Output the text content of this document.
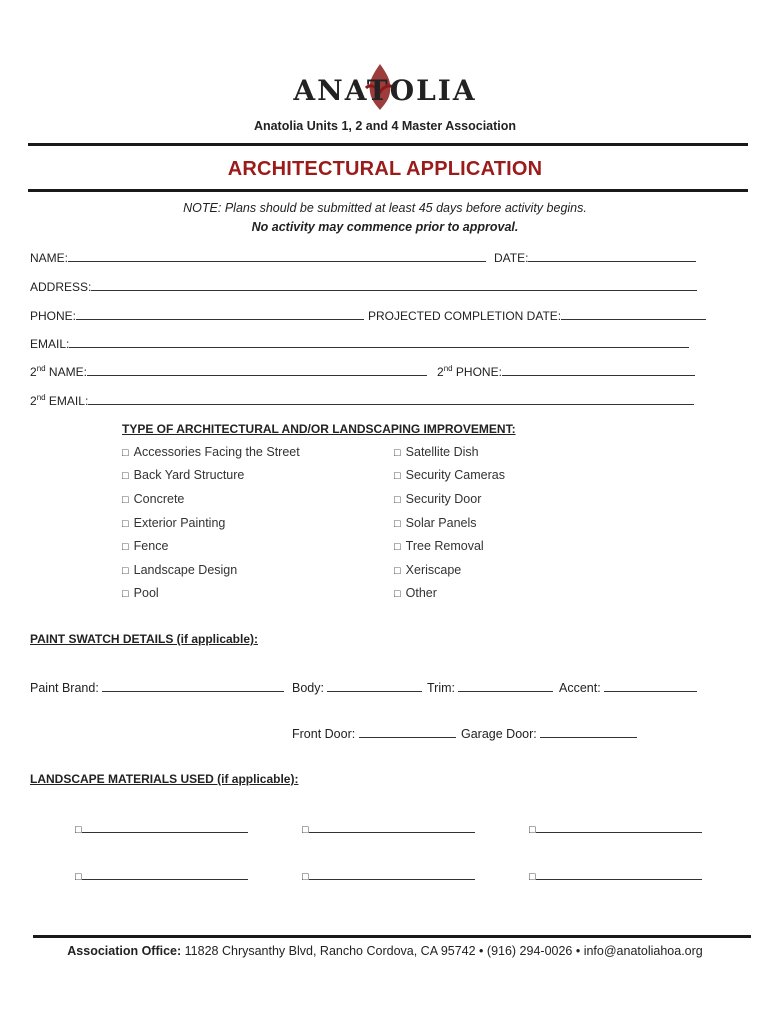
ANATOLIA
Anatolia Units 1, 2 and 4 Master Association
ARCHITECTURAL APPLICATION
NOTE: Plans should be submitted at least 45 days before activity begins.
No activity may commence prior to approval.
NAME:	DATE:
ADDRESS:
PHONE:	PROJECTED COMPLETION DATE:
EMAIL:
2nd NAME:	2nd PHONE:
2nd EMAIL:
TYPE OF ARCHITECTURAL AND/OR LANDSCAPING IMPROVEMENT:
□ Accessories Facing the Street
□ Back Yard Structure
□ Concrete
□ Exterior Painting
□ Fence
□ Landscape Design
□ Pool
□ Satellite Dish
□ Security Cameras
□ Security Door
□ Solar Panels
□ Tree Removal
□ Xeriscape
□ Other
PAINT SWATCH DETAILS (if applicable):
Paint Brand:	Body:	Trim:	Accent:
Front Door:	Garage Door:
LANDSCAPE MATERIALS USED (if applicable):
□	□	□
□	□	□
Association Office: 11828 Chrysanthy Blvd, Rancho Cordova, CA 95742 • (916) 294-0026 • info@anatoliahoa.org
